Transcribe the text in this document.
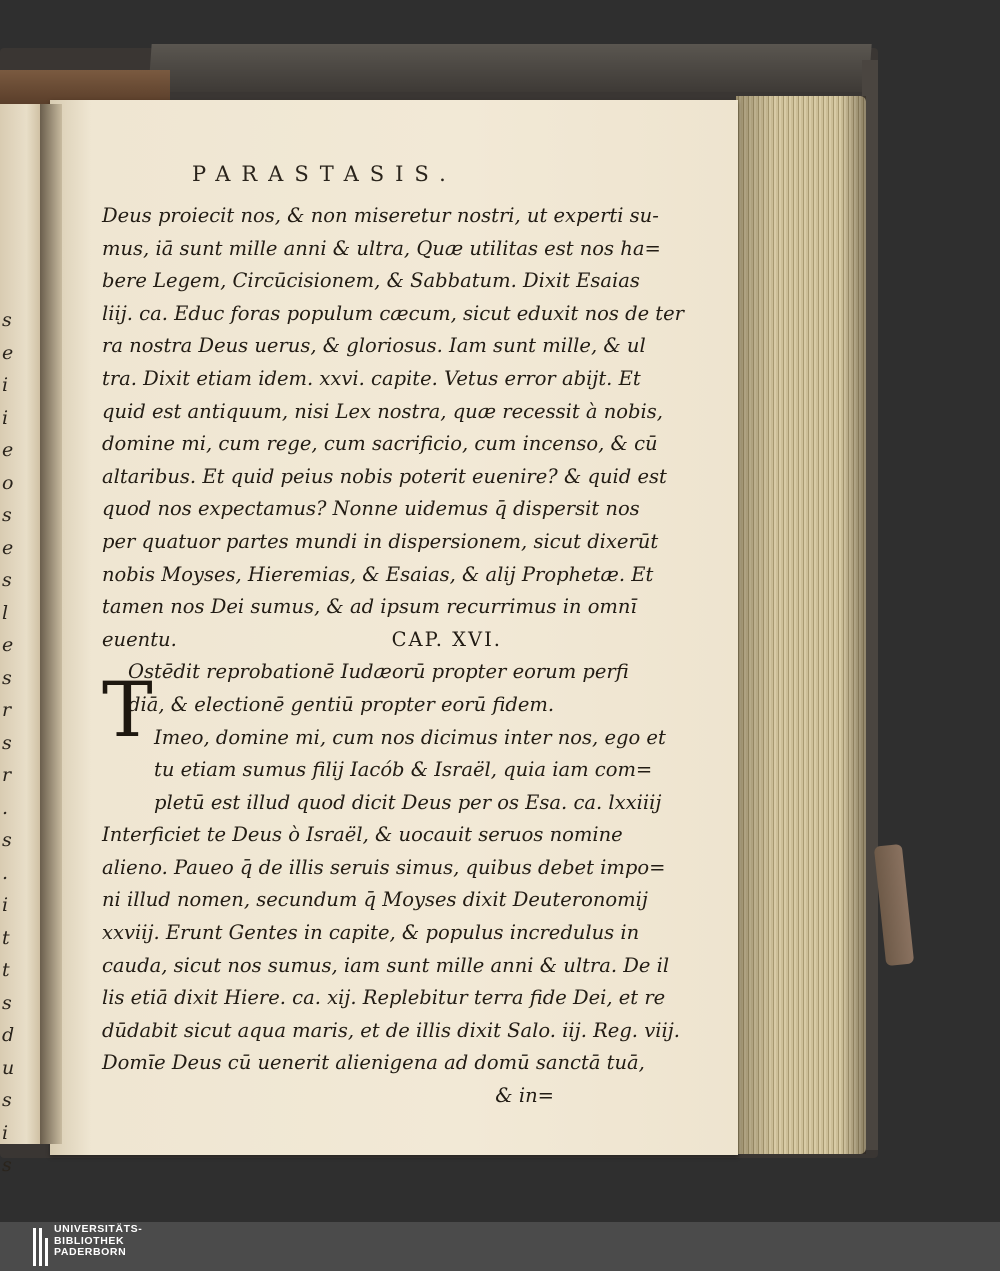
s
e
i
i
e
o
s
e
s
l
e
s
r
s
r
.
s
.
i
t
t
s
d
u
s
i
s
PARASTASIS.
Deus proiecit nos, & non miseretur nostri, ut experti su-
mus, iā sunt mille anni & ultra, Quæ utilitas est nos ha=
bere Legem, Circūcisionem, & Sabbatum. Dixit Esaias
liij. ca. Educ foras populum cæcum, sicut eduxit nos de ter
ra nostra Deus uerus, & gloriosus. Iam sunt mille, & ul
tra. Dixit etiam idem. xxvi. capite. Vetus error abijt. Et
quid est antiquum, nisi Lex nostra, quæ recessit à nobis,
domine mi, cum rege, cum sacrificio, cum incenso, & cū
altaribus. Et quid peius nobis poterit euenire? & quid est
quod nos expectamus? Nonne uidemus q̄ dispersit nos
per quatuor partes mundi in dispersionem, sicut dixerūt
nobis Moyses, Hieremias, & Esaias, & alij Prophetæ. Et
tamen nos Dei sumus, & ad ipsum recurrimus in omnī
euentu.	CAP. XVI.
Ostēdit reprobationē Iudæorū propter eorum perfi
diā, & electionē gentiū propter eorū fidem.
Imeo, domine mi, cum nos dicimus inter nos, ego et
tu etiam sumus filij Iacób & Israël, quia iam com=
pletū est illud quod dicit Deus per os Esa. ca. lxxiiij
Interficiet te Deus ò Israël, & uocauit seruos nomine
alieno. Paueo q̄ de illis seruis simus, quibus debet impo=
ni illud nomen, secundum q̄ Moyses dixit Deuteronomij
xxviij. Erunt Gentes in capite, & populus incredulus in
cauda, sicut nos sumus, iam sunt mille anni & ultra. De il
lis etiā dixit Hiere. ca. xij. Replebitur terra fide Dei, et re
dūdabit sicut aqua maris, et de illis dixit Salo. iij. Reg. viij.
Domīe Deus cū uenerit alienigena ad domū sanctā tuā,
& in=
T
UNIVERSITÄTS-
BIBLIOTHEK
PADERBORN
